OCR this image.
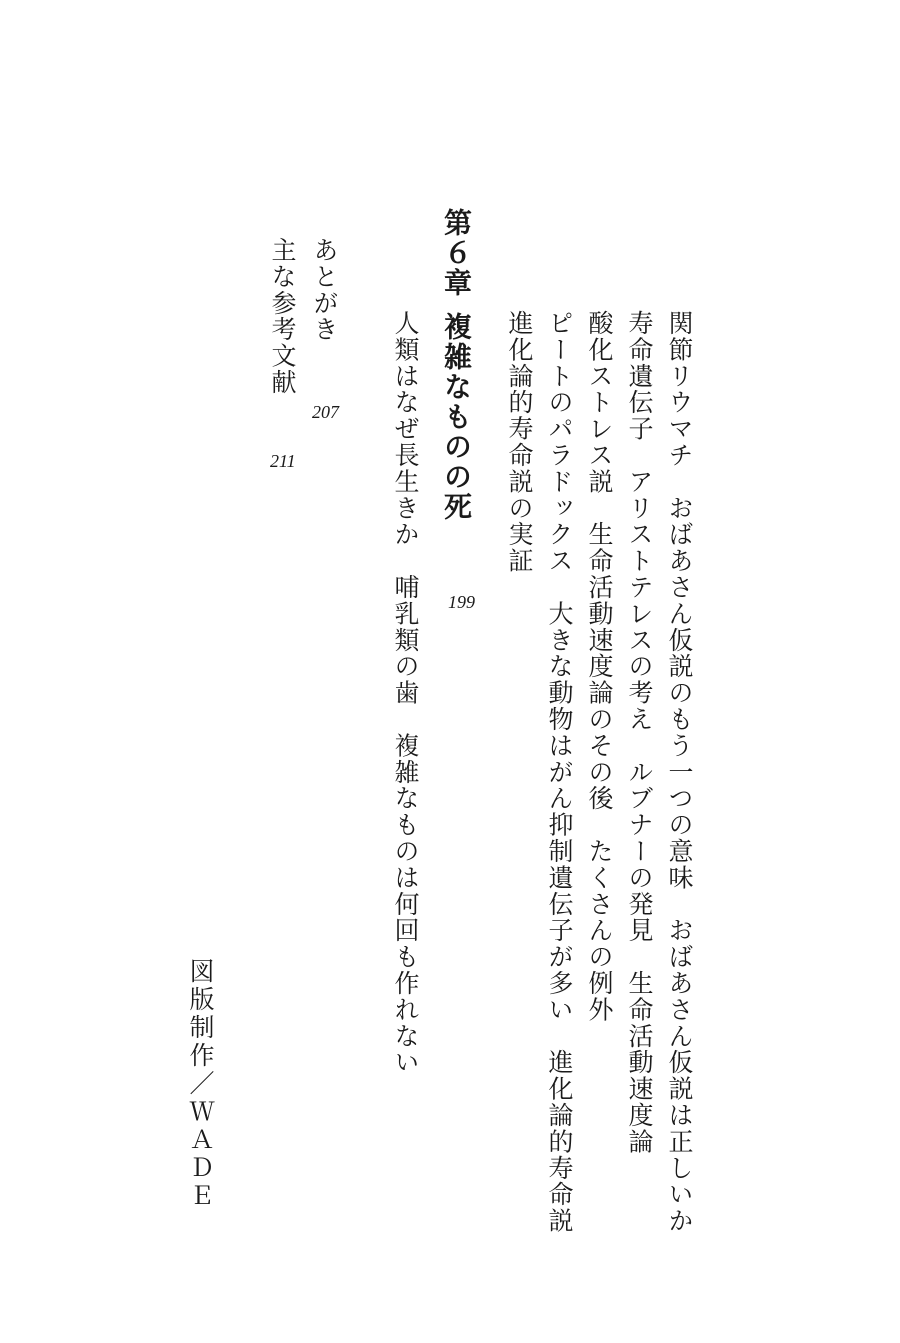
関節リウマチ　おばあさん仮説のもう一つの意味　おばあさん仮説は正しいか
寿命遺伝子　アリストテレスの考え　ルブナーの発見　生命活動速度論
酸化ストレス説　生命活動速度論のその後　たくさんの例外
ピートのパラドックス　大きな動物はがん抑制遺伝子が多い　進化論的寿命説
進化論的寿命説の実証
第６章
複雑なものの死
199
人類はなぜ長生きか　哺乳類の歯　複雑なものは何回も作れない
あとがき
207
主な参考文献
211
図版制作／ＷＡＤＥ
